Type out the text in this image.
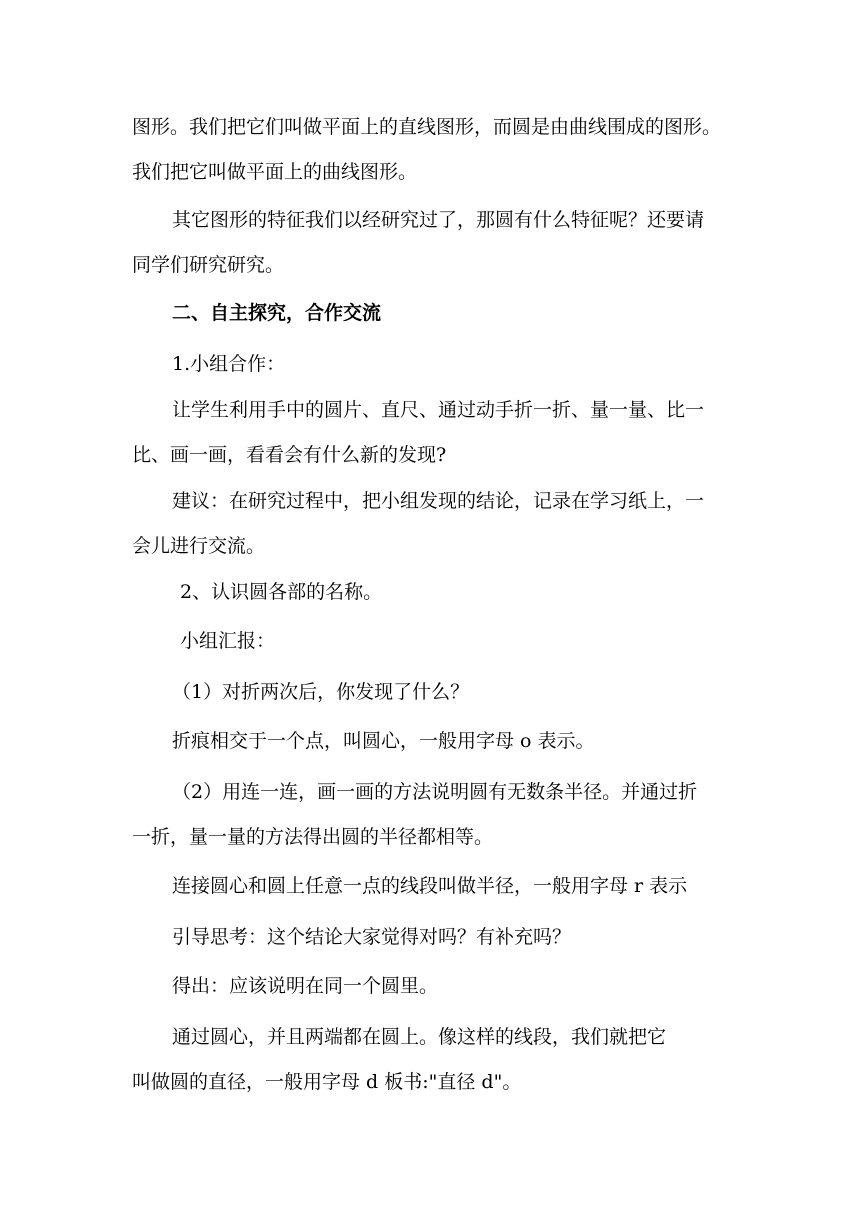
图形。我们把它们叫做平面上的直线图形，而圆是由曲线围成的图形。
我们把它叫做平面上的曲线图形。
其它图形的特征我们以经研究过了，那圆有什么特征呢？还要请
同学们研究研究。
二、自主探究，合作交流
1.小组合作：
让学生利用手中的圆片、直尺、通过动手折一折、量一量、比一
比、画一画，看看会有什么新的发现?
建议：在研究过程中，把小组发现的结论，记录在学习纸上，一
会儿进行交流。
2、认识圆各部的名称。
小组汇报：
（1）对折两次后，你发现了什么？
折痕相交于一个点，叫圆心，一般用字母 o 表示。
（2）用连一连，画一画的方法说明圆有无数条半径。并通过折
一折，量一量的方法得出圆的半径都相等。
连接圆心和圆上任意一点的线段叫做半径，一般用字母 r 表示
引导思考：这个结论大家觉得对吗？有补充吗？
得出：应该说明在同一个圆里。
通过圆心，并且两端都在圆上。像这样的线段，我们就把它
叫做圆的直径，一般用字母 d 板书:"直径 d"。
